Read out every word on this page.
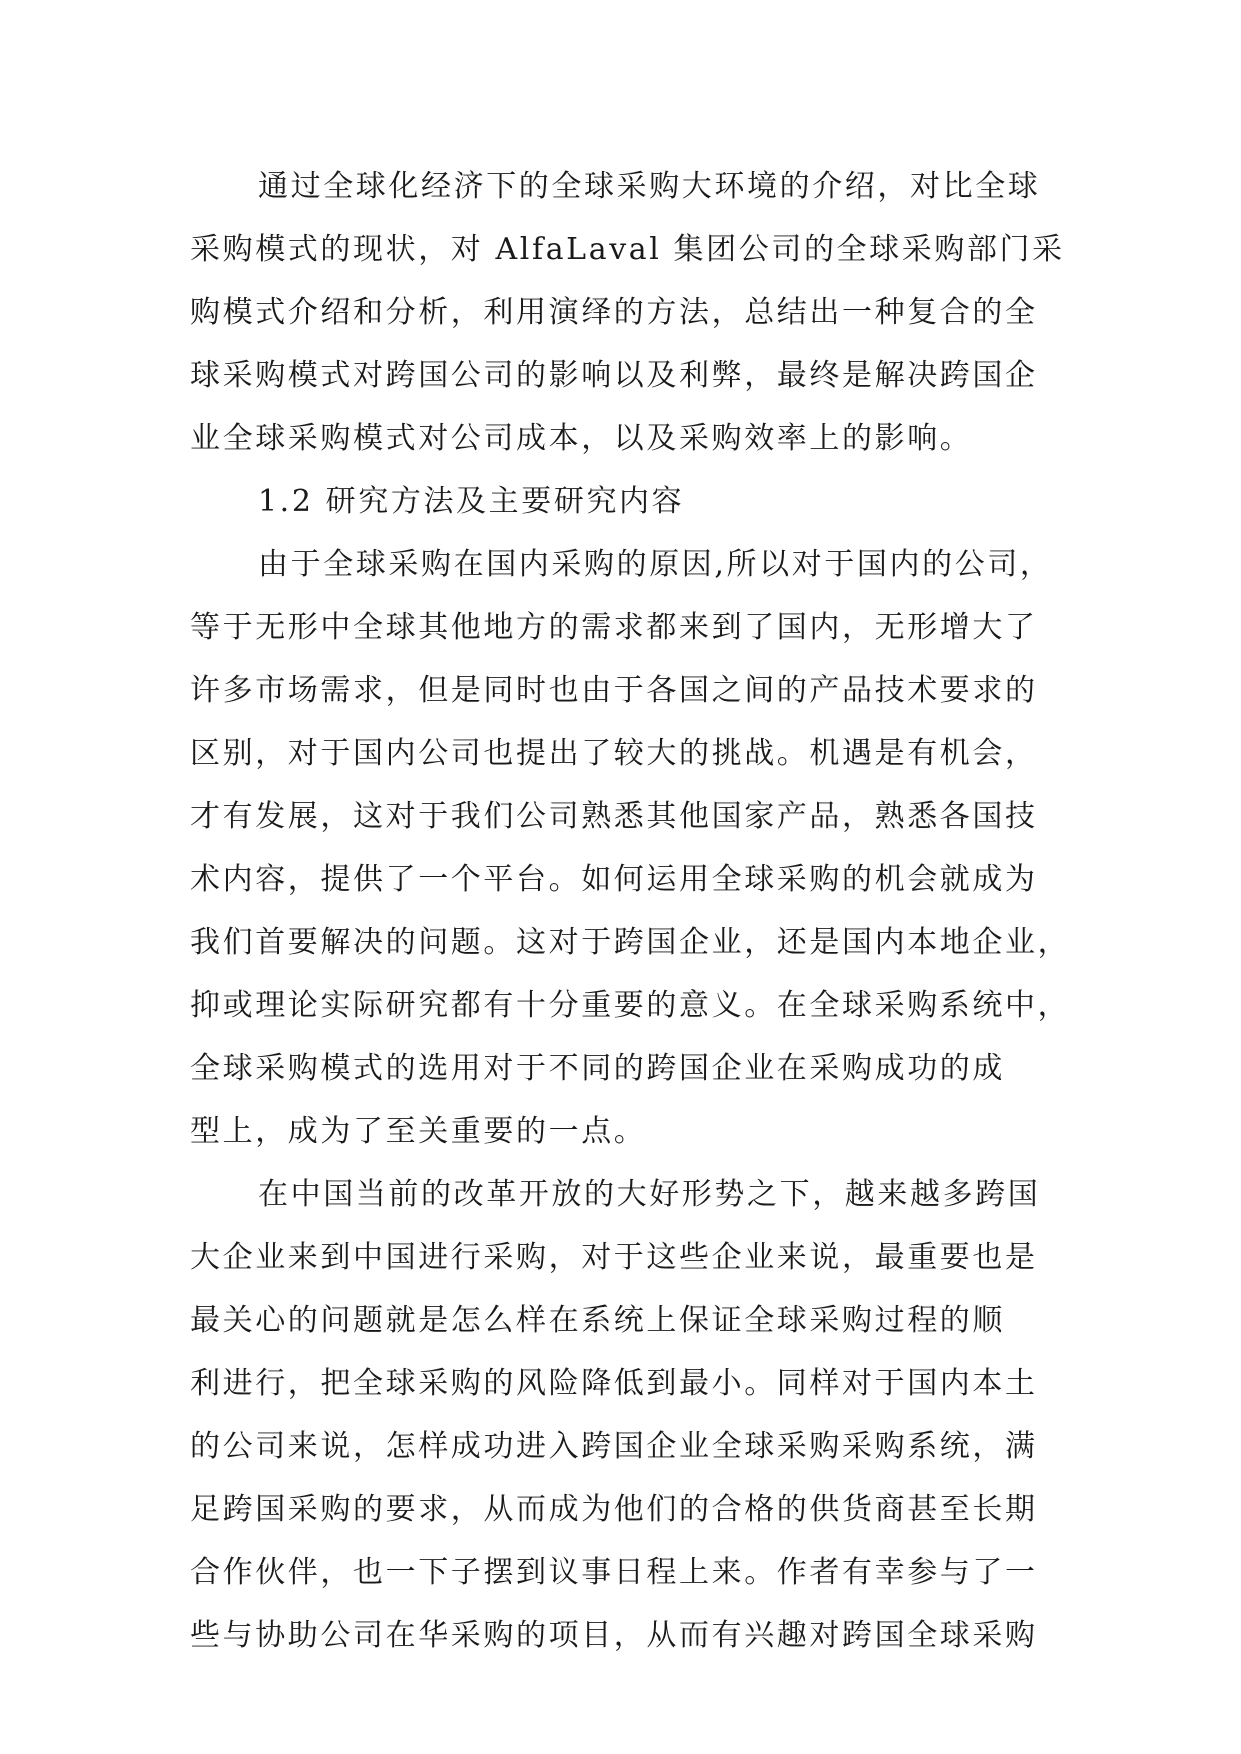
通过全球化经济下的全球采购大环境的介绍，对比全球
采购模式的现状，对 AlfaLaval 集团公司的全球采购部门采
购模式介绍和分析，利用演绎的方法，总结出一种复合的全
球采购模式对跨国公司的影响以及利弊，最终是解决跨国企
业全球采购模式对公司成本，以及采购效率上的影响。
1.2 研究方法及主要研究内容
由于全球采购在国内采购的原因,所以对于国内的公司，
等于无形中全球其他地方的需求都来到了国内，无形增大了
许多市场需求，但是同时也由于各国之间的产品技术要求的
区别，对于国内公司也提出了较大的挑战。机遇是有机会，
才有发展，这对于我们公司熟悉其他国家产品，熟悉各国技
术内容，提供了一个平台。如何运用全球采购的机会就成为
我们首要解决的问题。这对于跨国企业，还是国内本地企业，
抑或理论实际研究都有十分重要的意义。在全球采购系统中，
全球采购模式的选用对于不同的跨国企业在采购成功的成
型上，成为了至关重要的一点。
在中国当前的改革开放的大好形势之下，越来越多跨国
大企业来到中国进行采购，对于这些企业来说，最重要也是
最关心的问题就是怎么样在系统上保证全球采购过程的顺
利进行，把全球采购的风险降低到最小。同样对于国内本土
的公司来说，怎样成功进入跨国企业全球采购采购系统，满
足跨国采购的要求，从而成为他们的合格的供货商甚至长期
合作伙伴，也一下子摆到议事日程上来。作者有幸参与了一
些与协助公司在华采购的项目，从而有兴趣对跨国全球采购
